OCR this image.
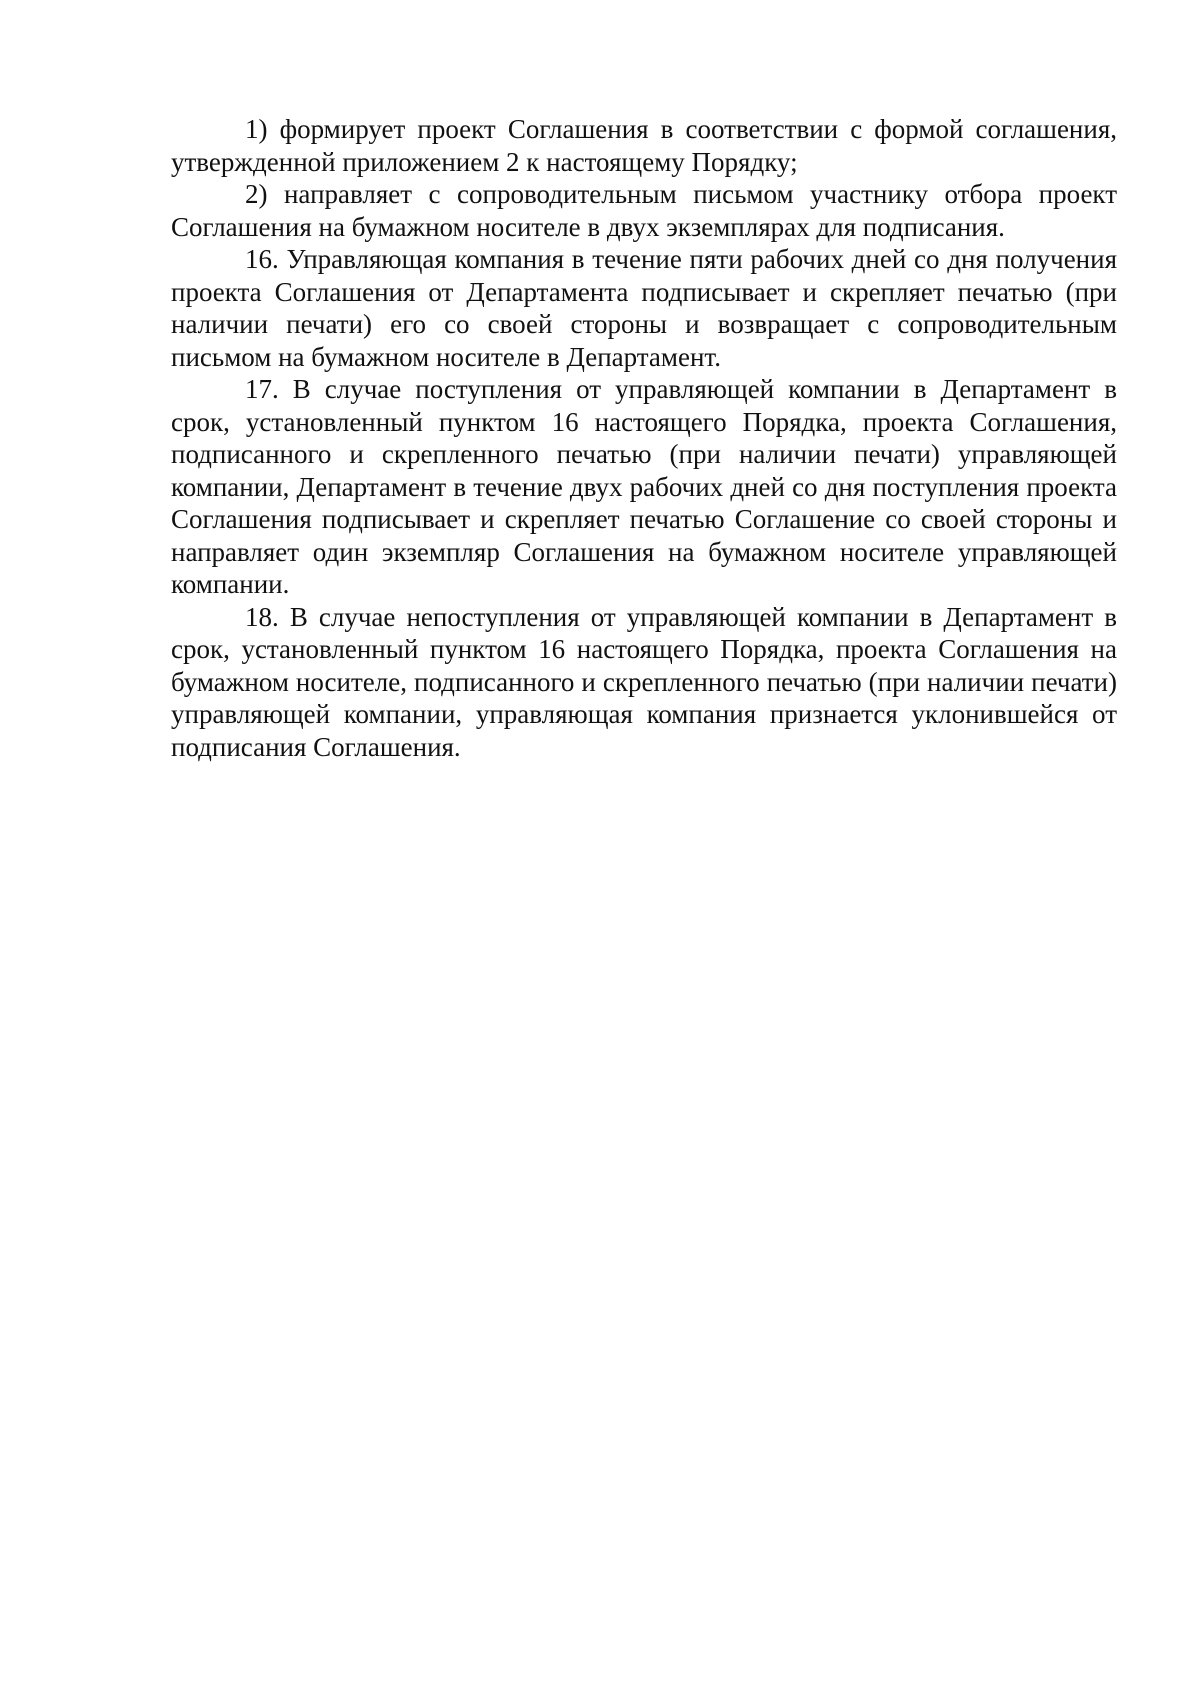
1) формирует проект Соглашения в соответствии с формой соглашения, утвержденной приложением 2 к настоящему Порядку;

2) направляет с сопроводительным письмом участнику отбора проект Соглашения на бумажном носителе в двух экземплярах для подписания.

16. Управляющая компания в течение пяти рабочих дней со дня получения проекта Соглашения от Департамента подписывает и скрепляет печатью (при наличии печати) его со своей стороны и возвращает с сопроводительным письмом на бумажном носителе в Департамент.

17. В случае поступления от управляющей компании в Департамент в срок, установленный пунктом 16 настоящего Порядка, проекта Соглашения, подписанного и скрепленного печатью (при наличии печати) управляющей компании, Департамент в течение двух рабочих дней со дня поступления проекта Соглашения подписывает и скрепляет печатью Соглашение со своей стороны и направляет один экземпляр Соглашения на бумажном носителе управляющей компании.

18. В случае непоступления от управляющей компании в Департамент в срок, установленный пунктом 16 настоящего Порядка, проекта Соглашения на бумажном носителе, подписанного и скрепленного печатью (при наличии печати) управляющей компании, управляющая компания признается уклонившейся от подписания Соглашения.
